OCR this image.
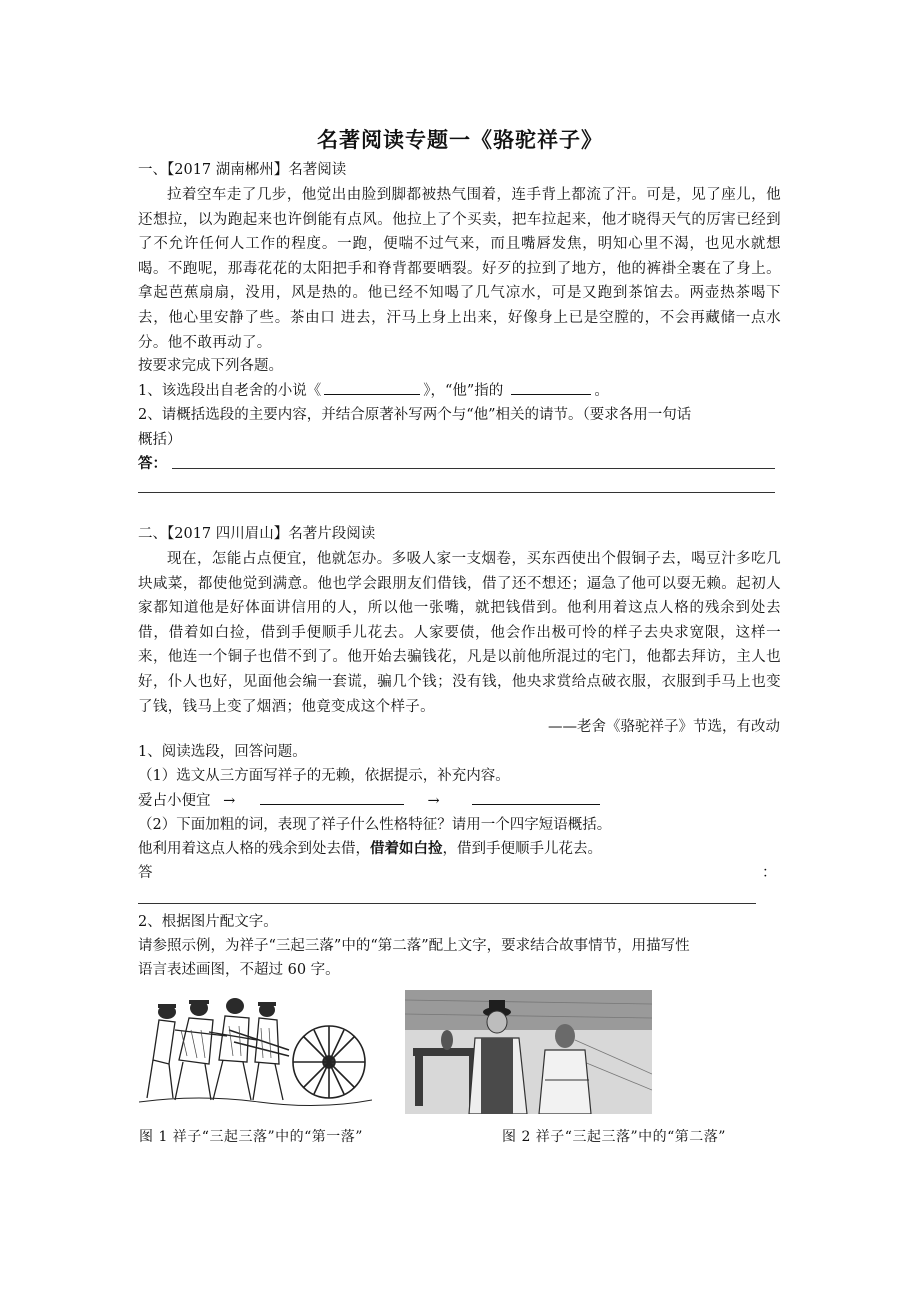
名著阅读专题一《骆驼祥子》
一、【2017 湖南郴州】名著阅读
拉着空车走了几步，他觉出由脸到脚都被热气围着，连手背上都流了汗。可是，见了座儿，他还想拉，以为跑起来也许倒能有点风。他拉上了个买卖，把车拉起来，他才晓得天气的厉害已经到了不允许任何人工作的程度。一跑，便喘不过气来，而且嘴唇发焦，明知心里不渴，也见水就想喝。不跑呢，那毒花花的太阳把手和脊背都要晒裂。好歹的拉到了地方，他的裤褂全裹在了身上。拿起芭蕉扇扇，没用，风是热的。他已经不知喝了几气凉水，可是又跑到茶馆去。两壶热茶喝下去，他心里安静了些。茶由口 进去，汗马上身上出来，好像身上已是空膛的，不会再藏储一点水分。他不敢再动了。
按要求完成下列各题。
1、该选段出自老舍的小说《	》，“他”指的	。
2、请概括选段的主要内容，并结合原著补写两个与“他”相关的请节。（要求各用一句话
概括）
答：
二、【2017 四川眉山】名著片段阅读
现在，怎能占点便宜，他就怎办。多吸人家一支烟卷，买东西使出个假铜子去，喝豆汁多吃几块咸菜，都使他觉到满意。他也学会跟朋友们借钱，借了还不想还；逼急了他可以耍无赖。起初人家都知道他是好体面讲信用的人，所以他一张嘴，就把钱借到。他利用着这点人格的残余到处去借，借着如白捡，借到手便顺手儿花去。人家要债，他会作出极可怜的样子去央求宽限，这样一来，他连一个铜子也借不到了。他开始去骗钱花，凡是以前他所混过的宅门，他都去拜访，主人也好，仆人也好，见面他会编一套谎，骗几个钱；没有钱，他央求赏给点破衣服，衣服到手马上也变了钱，钱马上变了烟酒；他竟变成这个样子。
——老舍《骆驼祥子》节选，有改动
1、阅读选段，回答问题。
（1）选文从三方面写祥子的无赖，依据提示，补充内容。
爱占小便宜 →	→
（2）下面加粗的词，表现了祥子什么性格特征？请用一个四字短语概括。
他利用着这点人格的残余到处去借，借着如白捡，借到手便顺手儿花去。
答	：
2、根据图片配文字。
请参照示例，为祥子“三起三落”中的“第二落”配上文字，要求结合故事情节，用描写性
语言表述画图，不超过 60 字。
图 1 祥子“三起三落”中的“第一落”	图 2 祥子“三起三落”中的“第二落”
